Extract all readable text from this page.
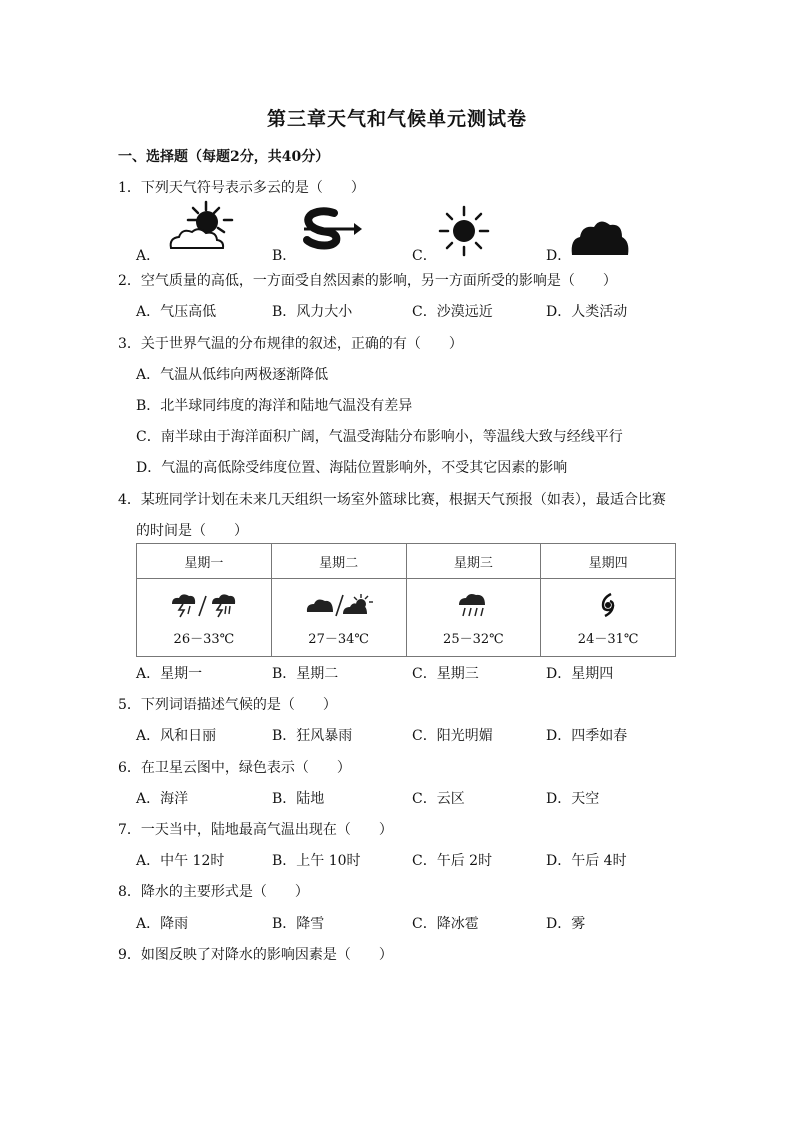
第三章天气和气候单元测试卷
一、选择题（每题2分，共40分）
1．下列天气符号表示多云的是（　　）
A．	B．	C．	D．
2．空气质量的高低，一方面受自然因素的影响，另一方面所受的影响是（　　）
A．气压高低	B．风力大小	C．沙漠远近	D．人类活动
3．关于世界气温的分布规律的叙述，正确的有（　　）
A．气温从低纬向两极逐渐降低
B．北半球同纬度的海洋和陆地气温没有差异
C．南半球由于海洋面积广阔，气温受海陆分布影响小，等温线大致与经线平行
D．气温的高低除受纬度位置、海陆位置影响外，不受其它因素的影响
4．某班同学计划在未来几天组织一场室外篮球比赛，根据天气预报（如表），最适合比赛
的时间是（　　）
星期一	星期二	星期三	星期四

26－33℃	27－34℃	25－32℃	24－31℃
A．星期一	B．星期二	C．星期三	D．星期四
5．下列词语描述气候的是（　　）
A．风和日丽	B．狂风暴雨	C．阳光明媚	D．四季如春
6．在卫星云图中，绿色表示（　　）
A．海洋	B．陆地	C．云区	D．天空
7．一天当中，陆地最高气温出现在（　　）
A．中午 12时	B．上午 10时	C．午后 2时	D．午后 4时
8．降水的主要形式是（　　）
A．降雨	B．降雪	C．降冰雹	D．雾
9．如图反映了对降水的影响因素是（　　）
